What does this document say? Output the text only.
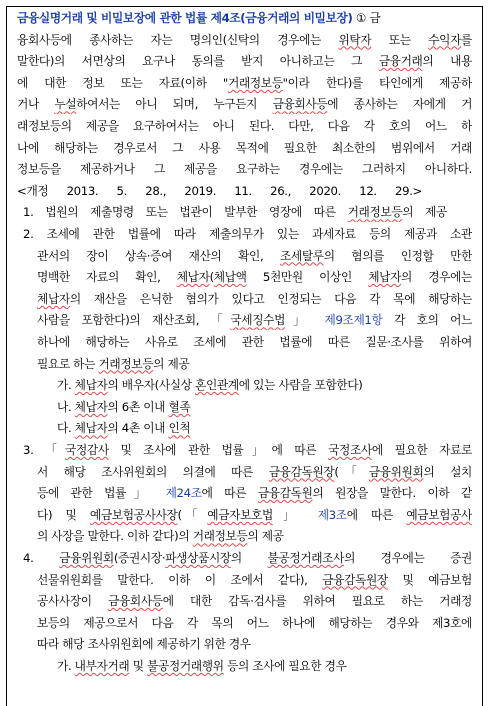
금융실명거래 및 비밀보장에 관한 법률 제4조(금융거래의 비밀보장) ① 금
융회사등에 종사하는 자는 명의인(신탁의 경우에는 위탁자 또는 수익자를
말한다)의 서면상의 요구나 동의를 받지 아니하고는 그 금융거래의 내용
에 대한 정보 또는 자료(이하 "거래정보등"이라 한다)를 타인에게 제공하
거나 누설하여서는 아니 되며, 누구든지 금융회사등에 종사하는 자에게 거
래정보등의 제공을 요구하여서는 아니 된다. 다만, 다음 각 호의 어느 하
나에 해당하는 경우로서 그 사용 목적에 필요한 최소한의 범위에서 거래
정보등을 제공하거나 그 제공을 요구하는 경우에는 그러하지 아니하다.
<개정 2013. 5. 28., 2019. 11. 26., 2020. 12. 29.>
1. 법원의 제출명령 또는 법관이 발부한 영장에 따른 거래정보등의 제공
2. 조세에 관한 법률에 따라 제출의무가 있는 과세자료 등의 제공과 소관
관서의 장이 상속·증여 재산의 확인, 조세탈루의 혐의를 인정할 만한
명백한 자료의 확인, 체납자(체납액 5천만원 이상인 체납자의 경우에는
체납자의 재산을 은닉한 혐의가 있다고 인정되는 다음 각 목에 해당하는
사람을 포함한다)의 재산조회, 「국세징수법」 제9조제1항 각 호의 어느
하나에 해당하는 사유로 조세에 관한 법률에 따른 질문·조사를 위하여
필요로 하는 거래정보등의 제공
가. 체납자의 배우자(사실상 혼인관계에 있는 사람을 포함한다)
나. 체납자의 6촌 이내 혈족
다. 체납자의 4촌 이내 인척
3. 「국정감사 및 조사에 관한 법률」에 따른 국정조사에 필요한 자료로
서 해당 조사위원회의 의결에 따른 금융감독원장(「금융위원회의 설치
등에 관한 법률」 제24조에 따른 금융감독원의 원장을 말한다. 이하 같
다) 및 예금보험공사사장(「예금자보호법」 제3조에 따른 예금보험공사
의 사장을 말한다. 이하 같다)의 거래정보등의 제공
4. 금융위원회(증권시장·파생상품시장의 불공정거래조사의 경우에는 증권
선물위원회를 말한다. 이하 이 조에서 같다), 금융감독원장 및 예금보험
공사사장이 금융회사등에 대한 감독·검사를 위하여 필요로 하는 거래정
보등의 제공으로서 다음 각 목의 어느 하나에 해당하는 경우와 제3호에
따라 해당 조사위원회에 제공하기 위한 경우
가. 내부자거래 및 불공정거래행위 등의 조사에 필요한 경우
